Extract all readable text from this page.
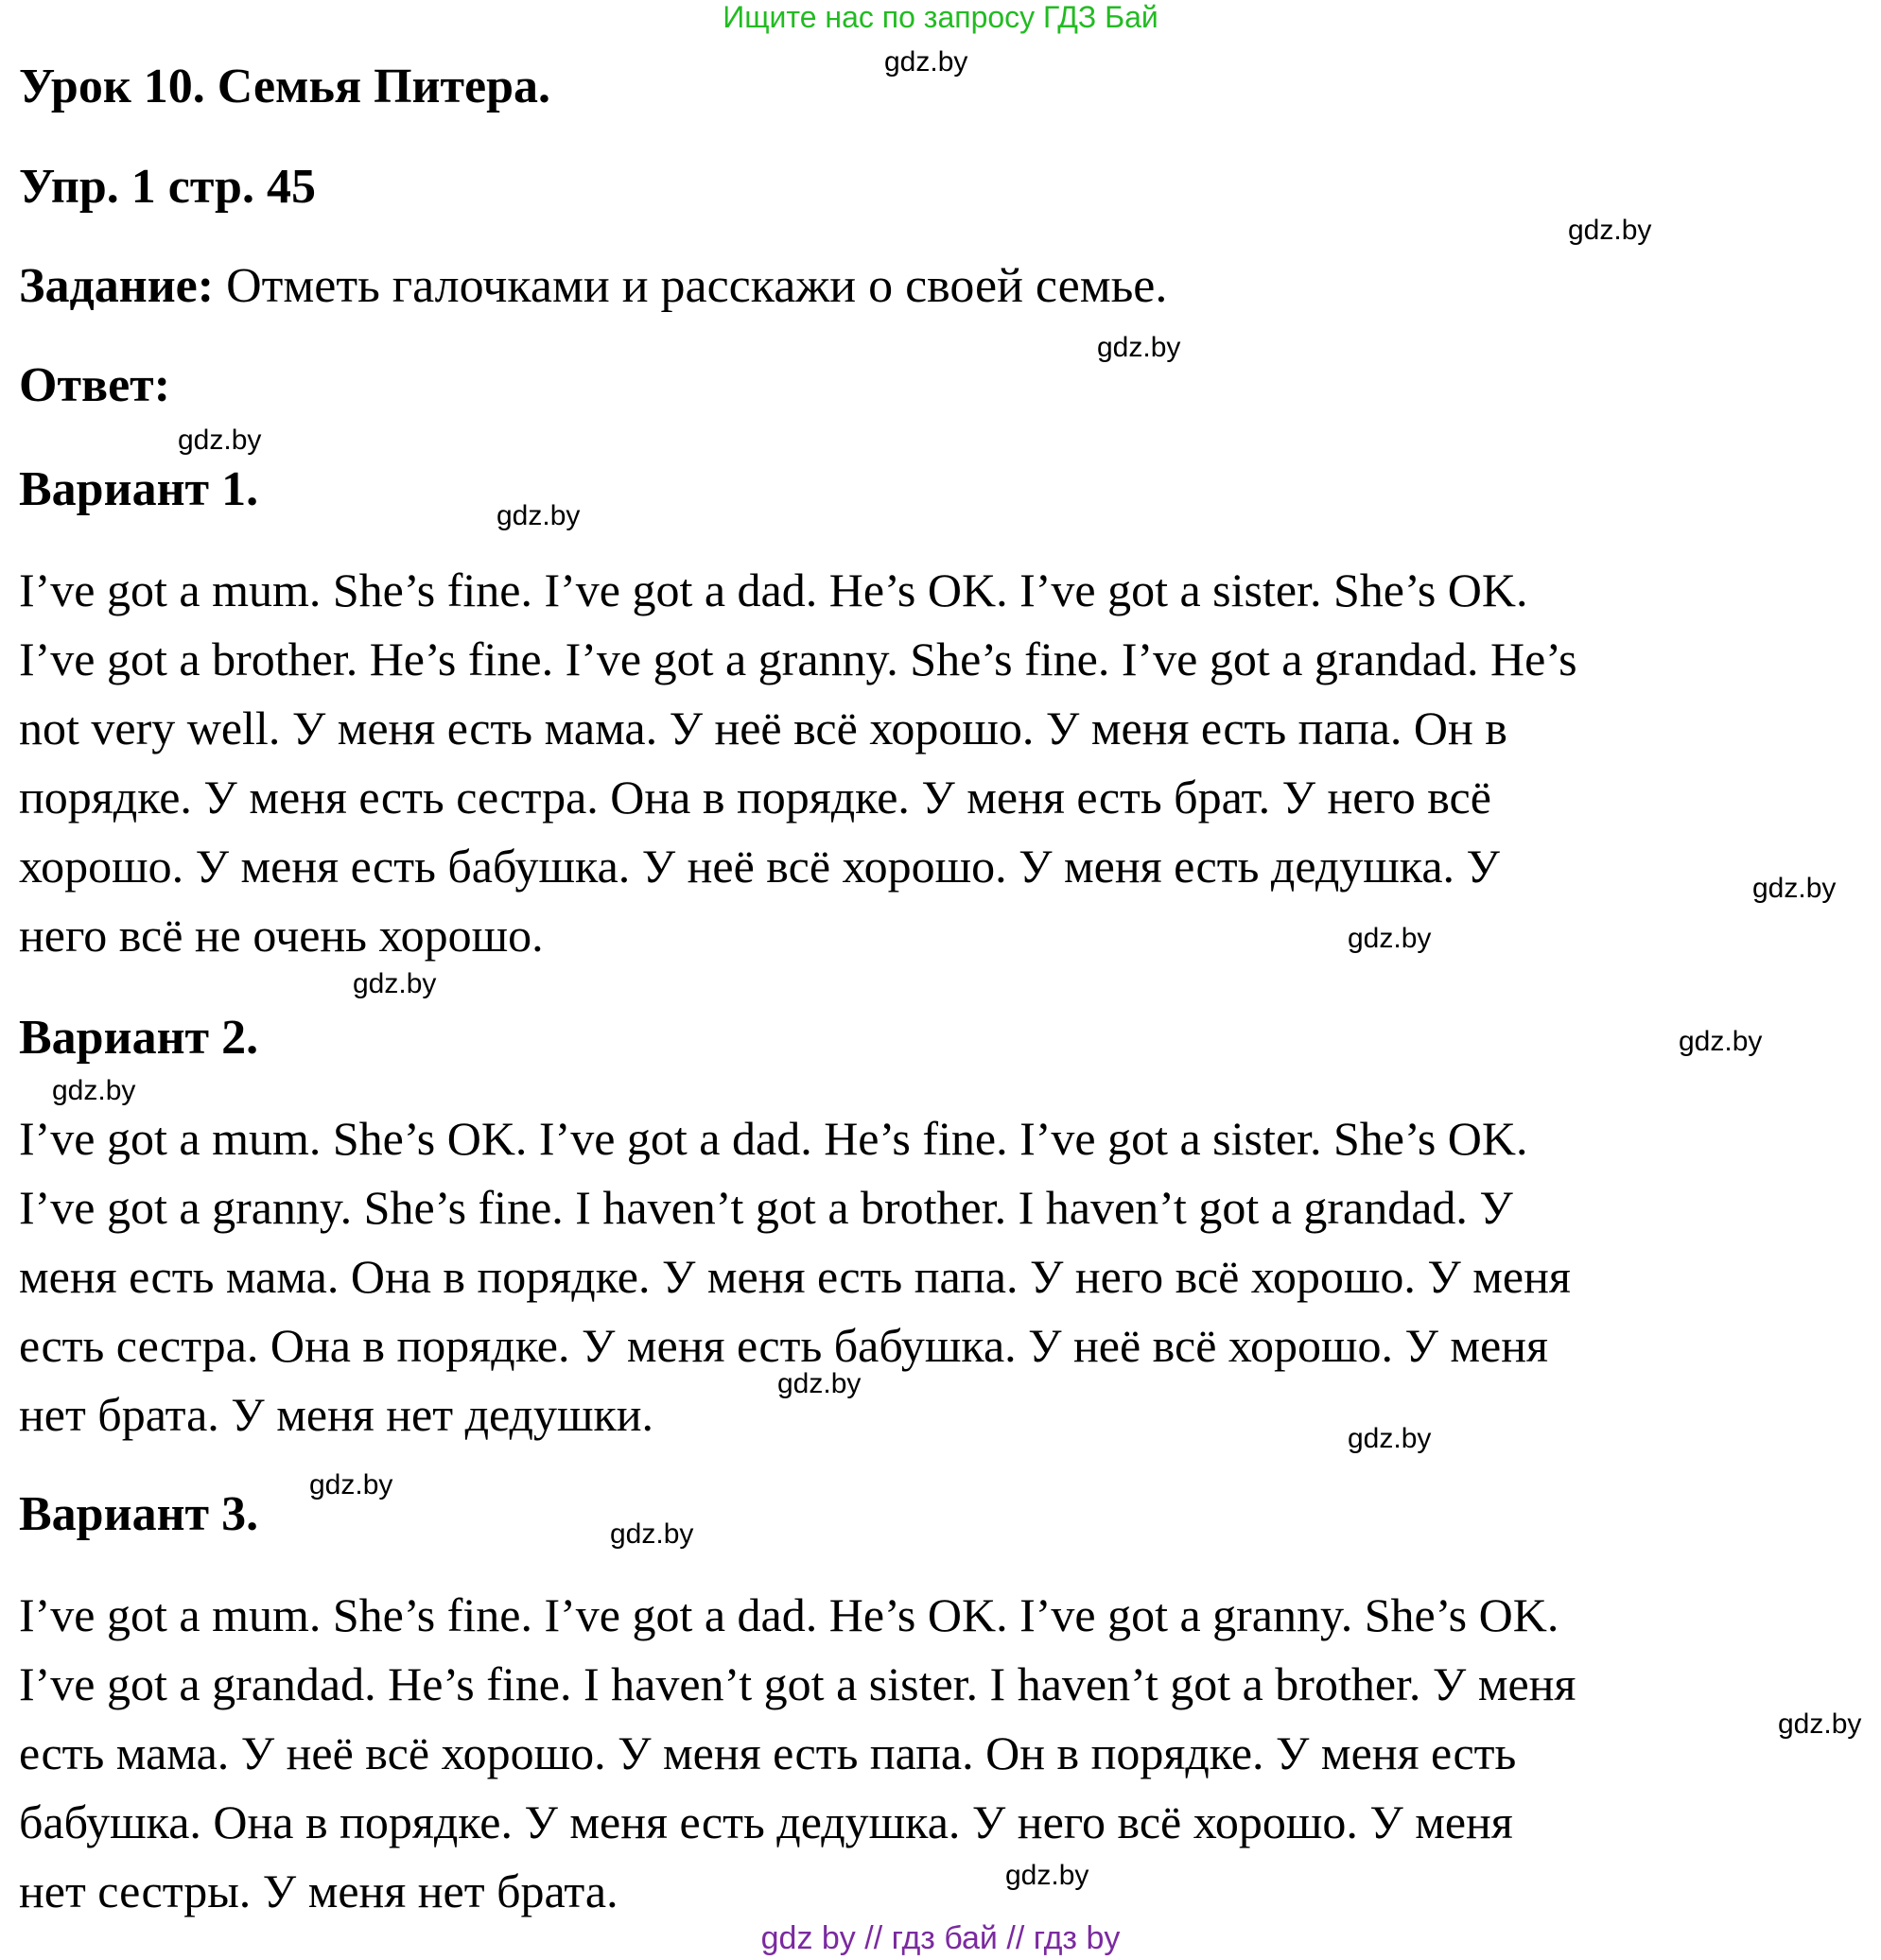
Ищите нас по запросу ГДЗ Бай
Урок 10. Семья Питера.
Упр. 1 стр. 45
Задание: Отметь галочками и расскажи о своей семье.
Ответ:
Вариант 1.
I’ve got a mum. She’s fine. I’ve got a dad. He’s OK. I’ve got a sister. She’s OK.
I’ve got a brother. He’s fine. I’ve got a granny. She’s fine. I’ve got a grandad. He’s
not very well. У меня есть мама. У неё всё хорошо. У меня есть папа. Он в
порядке. У меня есть сестра. Она в порядке. У меня есть брат. У него всё
хорошо. У меня есть бабушка. У неё всё хорошо. У меня есть дедушка. У
него всё не очень хорошо.
Вариант 2.
I’ve got a mum. She’s OK. I’ve got a dad. He’s fine. I’ve got a sister. She’s OK.
I’ve got a granny. She’s fine. I haven’t got a brother. I haven’t got a grandad. У
меня есть мама. Она в порядке. У меня есть папа. У него всё хорошо. У меня
есть сестра. Она в порядке. У меня есть бабушка. У неё всё хорошо. У меня
нет брата. У меня нет дедушки.
Вариант 3.
I’ve got a mum. She’s fine. I’ve got a dad. He’s OK. I’ve got a granny. She’s OK.
I’ve got a grandad. He’s fine. I haven’t got a sister. I haven’t got a brother. У меня
есть мама. У неё всё хорошо. У меня есть папа. Он в порядке. У меня есть
бабушка. Она в порядке. У меня есть дедушка. У него всё хорошо. У меня
нет сестры. У меня нет брата.
gdz.by
gdz.by
gdz.by
gdz.by
gdz.by
gdz.by
gdz.by
gdz.by
gdz.by
gdz.by
gdz.by
gdz.by
gdz.by
gdz.by
gdz.by
gdz.by
gdz by // гдз бай // гдз by
